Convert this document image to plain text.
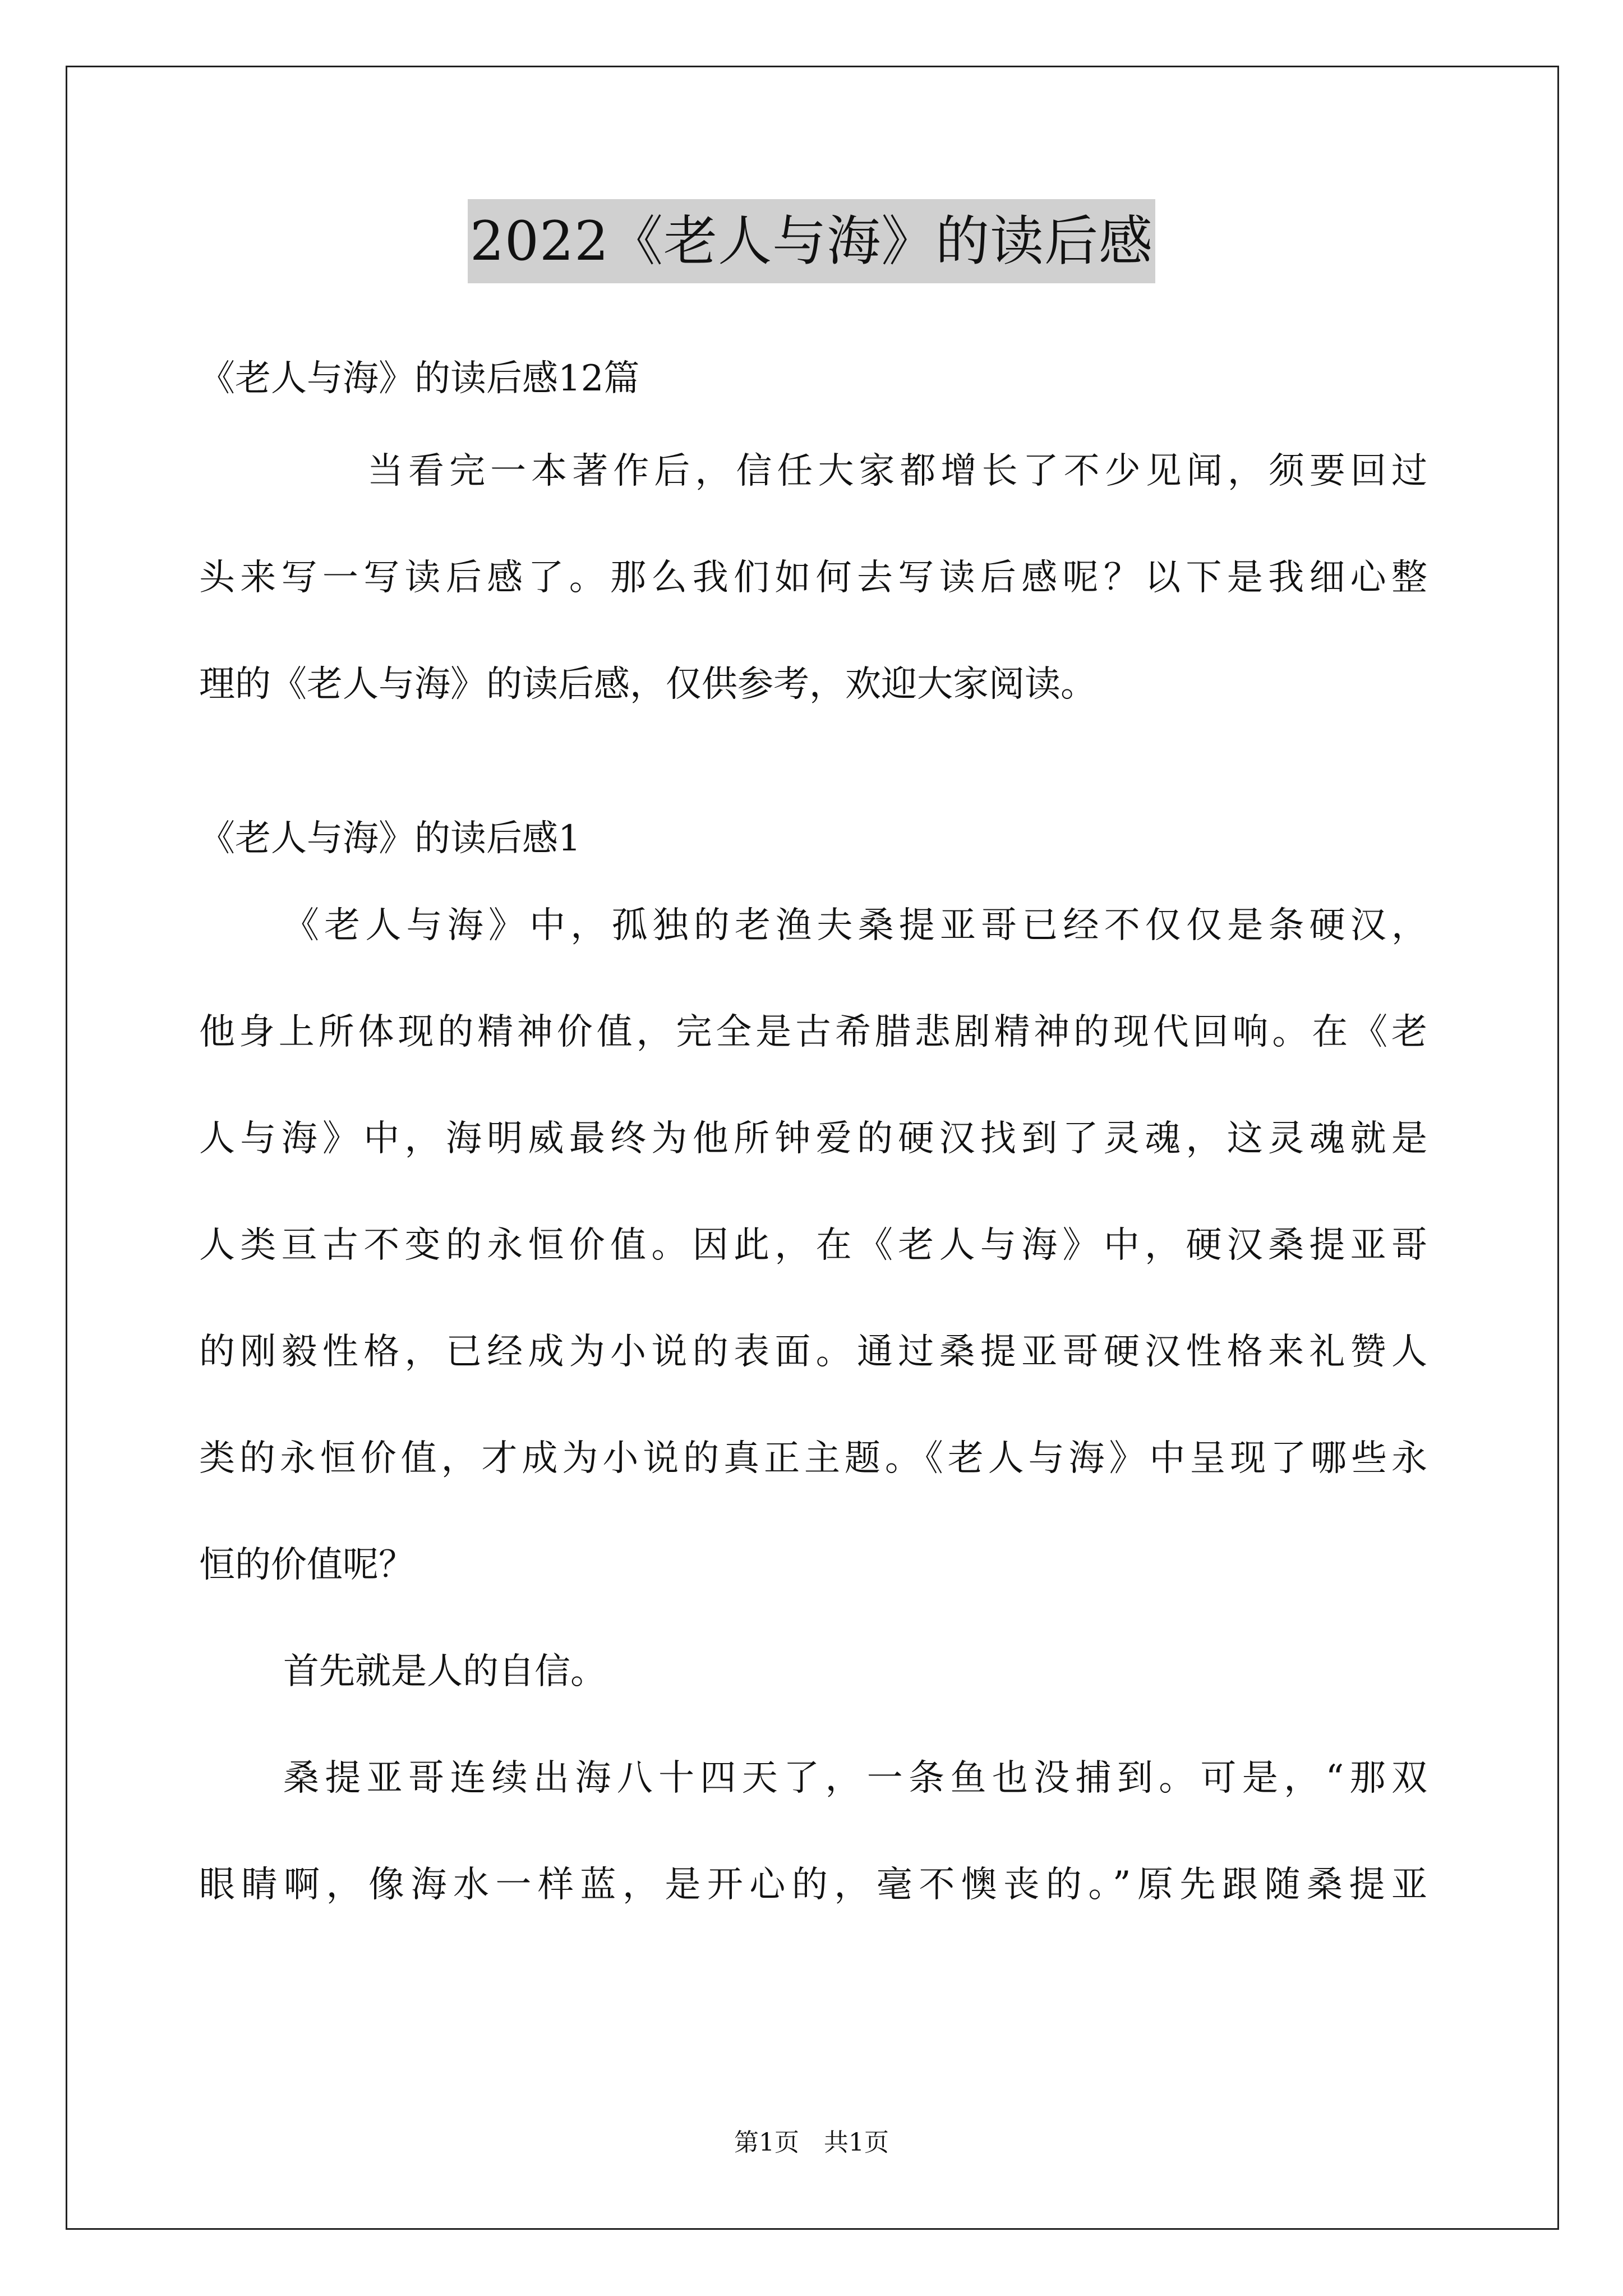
2022《老人与海》的读后感
《老人与海》的读后感12篇
当看完一本著作后，信任大家都增长了不少见闻，须要回过
头来写一写读后感了。那么我们如何去写读后感呢？以下是我细心整
理的《老人与海》的读后感，仅供参考，欢迎大家阅读。
《老人与海》的读后感1
《老人与海》中，孤独的老渔夫桑提亚哥已经不仅仅是条硬汉，
他身上所体现的精神价值，完全是古希腊悲剧精神的现代回响。在《老
人与海》中，海明威最终为他所钟爱的硬汉找到了灵魂，这灵魂就是
人类亘古不变的永恒价值。因此，在《老人与海》中，硬汉桑提亚哥
的刚毅性格，已经成为小说的表面。通过桑提亚哥硬汉性格来礼赞人
类的永恒价值，才成为小说的真正主题。《老人与海》中呈现了哪些永
恒的价值呢？
首先就是人的自信。
桑提亚哥连续出海八十四天了，一条鱼也没捕到。可是，“那双
眼睛啊，像海水一样蓝，是开心的，毫不懊丧的。”原先跟随桑提亚
第1页　共1页
